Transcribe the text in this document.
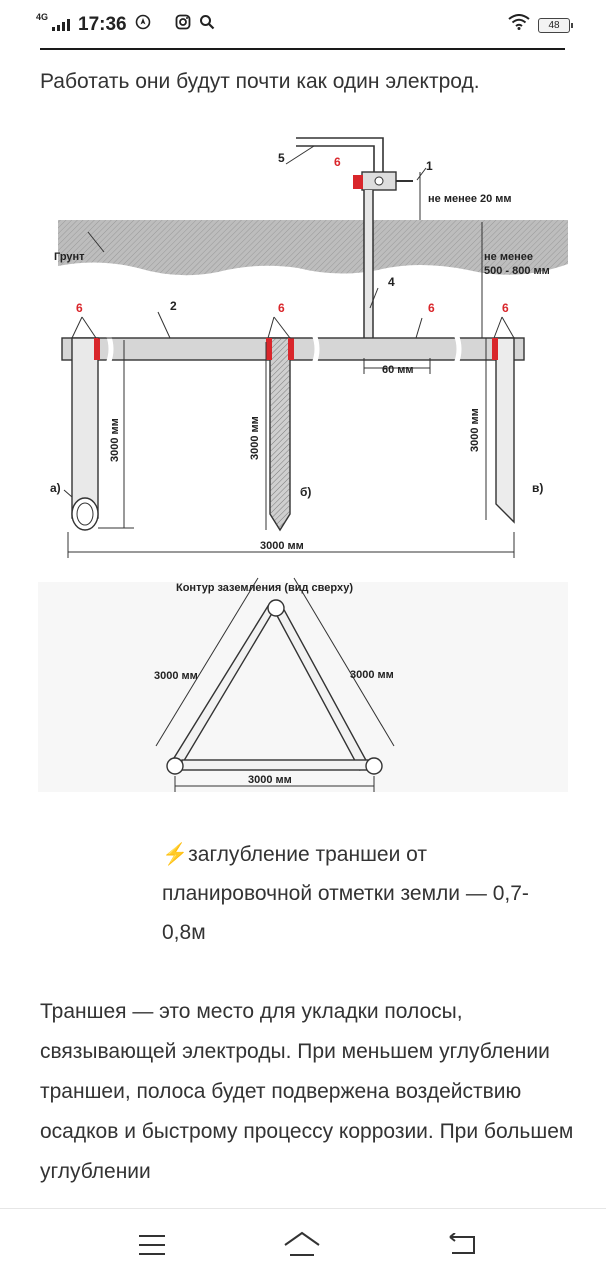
4G 17:36	48
Работать они будут почти как один электрод.
5	6	1
не менее 20 мм
Грунт	не менее
500 - 800 мм
2
4
6	6	6	6
60 мм
3000 мм	3000 мм	3000 мм
а)	б)	в)
3000 мм
Контур заземления (вид сверху)
3000 мм	3000 мм
3000 мм
⚡заглубление траншеи от планировочной отметки земли — 0,7-0,8м
Траншея — это место для укладки полосы, связывающей электроды. При меньшем углублении траншеи, полоса будет подвержена воздействию осадков и быстрому процессу коррозии. При большем углублении
